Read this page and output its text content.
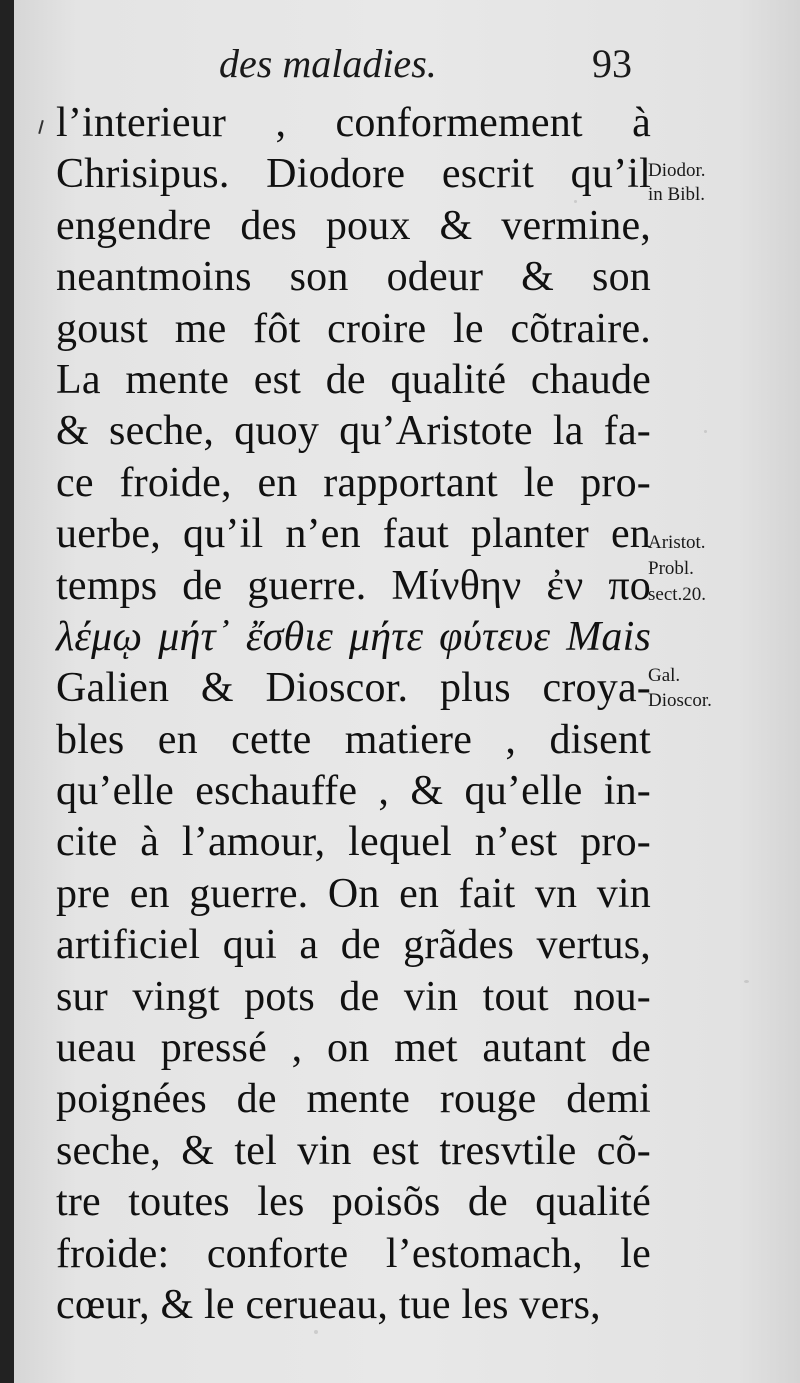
des maladies.	93
l’interieur , conformement à
Chrisipus. Diodore escrit qu’il
engendre des poux & vermine,
neantmoins son odeur & son
goust me fôt croire le cõtraire.
La mente est de qualité chaude
& seche, quoy qu’Aristote la fa-
ce froide, en rapportant le pro-
uerbe, qu’il n’en faut planter en
temps de guerre. Μίνθην ἐν πο
λέμῳ μήτ᾽ ἔσθιε μήτε φύτευε Mais
Galien & Dioscor. plus croya-
bles en cette matiere , disent
qu’elle eschauffe , & qu’elle in-
cite à l’amour, lequel n’est pro-
pre en guerre. On en fait vn vin
artificiel qui a de grãdes vertus,
sur vingt pots de vin tout nou-
ueau pressé , on met autant de
poignées de mente rouge demi
seche, & tel vin est tresvtile cõ-
tre toutes les poisõs de qualité
froide: conforte l’estomach, le
cœur, & le cerueau, tue les vers,
Diodor.
in Bibl.
Aristot.
Probl.
sect.20.
Gal.
Dioscor.
